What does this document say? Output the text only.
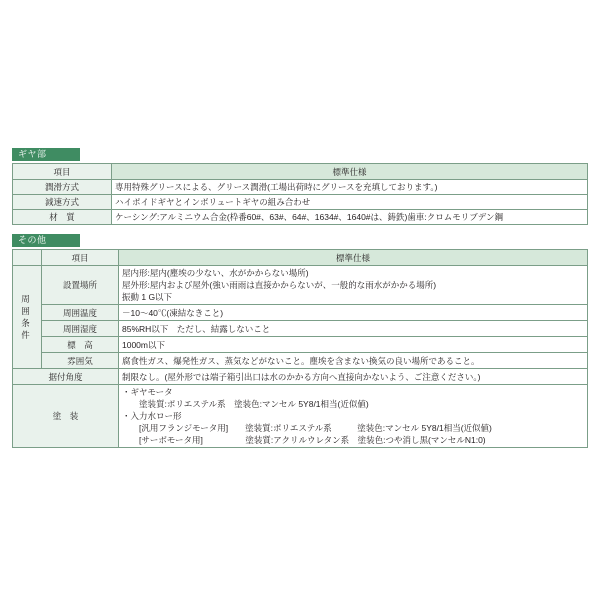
ギヤ部
項目	標準仕様
潤滑方式	専用特殊グリースによる、グリース潤滑(工場出荷時にグリースを充填しております。)
減速方式	ハイポイドギヤとインボリュートギヤの組み合わせ
材　質	ケーシング:アルミニウム合金(枠番60#、63#、64#、1634#、1640#は、鋳鉄)歯車:クロムモリブデン鋼
その他
	項目	標準仕様
周囲条件	設置場所	屋内形:屋内(塵埃の少ない、水がかからない場所)
屋外形:屋内および屋外(強い雨雨は直接かからないが、一般的な雨水がかかる場所)
振動 1 G以下

	周囲温度	－10～40℃(凍結なきこと)
	周囲湿度	85%RH以下　ただし、結露しないこと
	標　高	1000m以下
	雰囲気	腐食性ガス、爆発性ガス、蒸気などがないこと。塵埃を含まない換気の良い場所であること。
据付角度		制限なし。(屋外形では端子箱引出口は水のかかる方向へ直接向かないよう、ご注意ください。)
塗　装		・ギヤモータ
　　塗装質:ポリエステル系　塗装色:マンセル 5Y8/1相当(近似値)
・入力水ロー形
　　[汎用フランジモータ用]　　塗装質:ポリエステル系　　　塗装色:マンセル 5Y8/1相当(近似値)
　　[サーボモータ用]　　　　　塗装質:アクリルウレタン系　塗装色:つや消し黒(マンセルN1:0)
